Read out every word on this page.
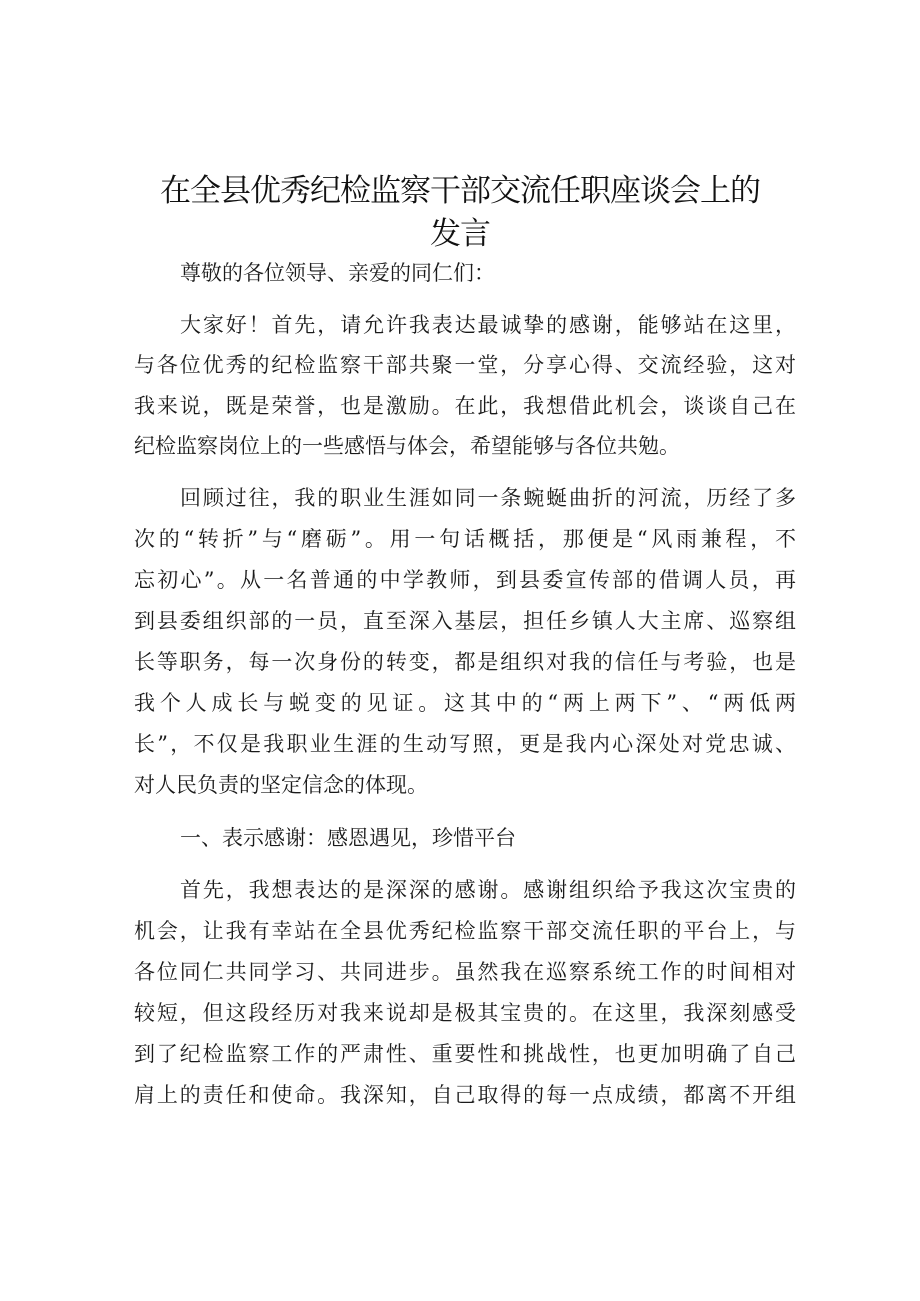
在全县优秀纪检监察干部交流任职座谈会上的
发言

尊敬的各位领导、亲爱的同仁们：

大家好！首先，请允许我表达最诚挚的感谢，能够站在这里，

与各位优秀的纪检监察干部共聚一堂，分享心得、交流经验，这对

我来说，既是荣誉，也是激励。在此，我想借此机会，谈谈自己在

纪检监察岗位上的一些感悟与体会，希望能够与各位共勉。

回顾过往，我的职业生涯如同一条蜿蜒曲折的河流，历经了多

次的“转折”与“磨砺”。用一句话概括，那便是“风雨兼程，不

忘初心”。从一名普通的中学教师，到县委宣传部的借调人员，再

到县委组织部的一员，直至深入基层，担任乡镇人大主席、巡察组

长等职务，每一次身份的转变，都是组织对我的信任与考验，也是

我个人成长与蜕变的见证。这其中的“两上两下”、“两低两

长”，不仅是我职业生涯的生动写照，更是我内心深处对党忠诚、

对人民负责的坚定信念的体现。

一、表示感谢：感恩遇见，珍惜平台

首先，我想表达的是深深的感谢。感谢组织给予我这次宝贵的

机会，让我有幸站在全县优秀纪检监察干部交流任职的平台上，与

各位同仁共同学习、共同进步。虽然我在巡察系统工作的时间相对

较短，但这段经历对我来说却是极其宝贵的。在这里，我深刻感受

到了纪检监察工作的严肃性、重要性和挑战性，也更加明确了自己

肩上的责任和使命。我深知，自己取得的每一点成绩，都离不开组
